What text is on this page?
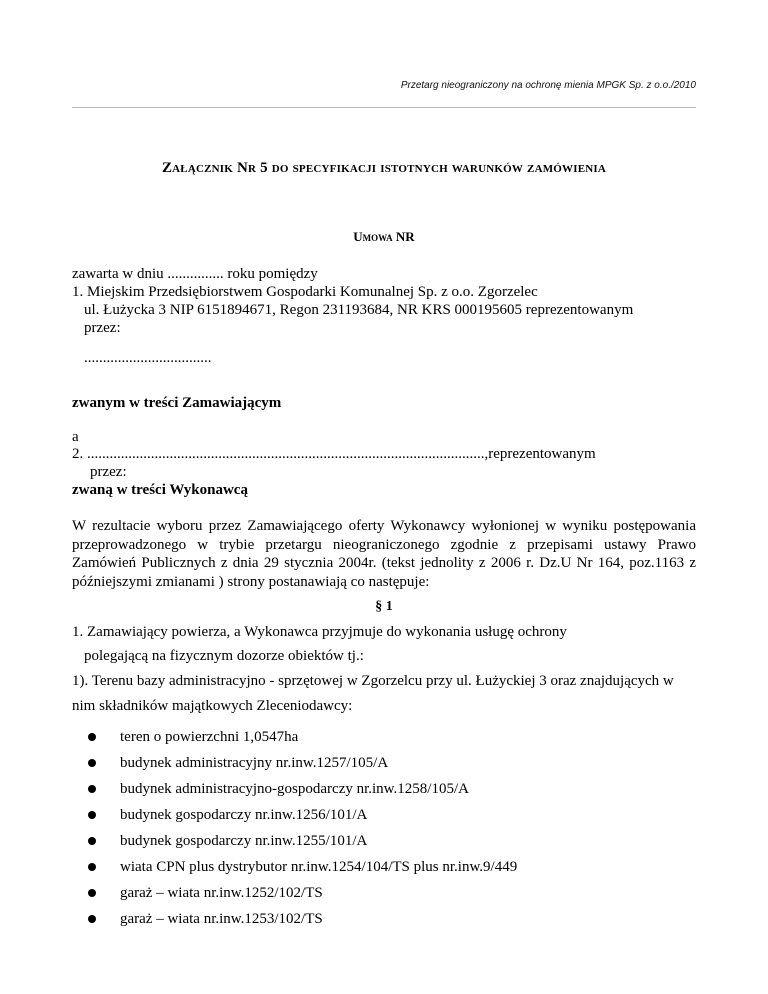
Przetarg nieograniczony na ochronę mienia MPGK Sp. z o.o./2010
Załącznik Nr 5 do specyfikacji istotnych warunków zamówienia
Umowa NR
zawarta w dniu ............... roku pomiędzy
1. Miejskim Przedsiębiorstwem Gospodarki Komunalnej Sp. z o.o. Zgorzelec
ul. Łużycka 3 NIP 6151894671, Regon 231193684, NR KRS 000195605 reprezentowanym
przez:
..................................
zwanym w treści Zamawiającym
a
2. ..........................................................................................................,reprezentowanym
przez:
zwaną w treści Wykonawcą
W rezultacie wyboru przez Zamawiającego oferty Wykonawcy wyłonionej w wyniku postępowania przeprowadzonego w trybie przetargu nieograniczonego zgodnie z przepisami ustawy Prawo Zamówień Publicznych z dnia 29 stycznia 2004r. (tekst jednolity z 2006 r. Dz.U Nr 164, poz.1163 z późniejszymi zmianami ) strony postanawiają co następuje:
§ 1
1. Zamawiający powierza, a Wykonawca przyjmuje do wykonania usługę ochrony
polegającą na fizycznym dozorze obiektów tj.:
1). Terenu bazy administracyjno - sprzętowej w Zgorzelcu przy ul. Łużyckiej 3 oraz znajdujących w
nim składników majątkowych Zleceniodawcy:
teren o powierzchni 1,0547ha
budynek administracyjny nr.inw.1257/105/A
budynek administracyjno-gospodarczy nr.inw.1258/105/A
budynek gospodarczy nr.inw.1256/101/A
budynek gospodarczy nr.inw.1255/101/A
wiata CPN plus dystrybutor nr.inw.1254/104/TS plus nr.inw.9/449
garaż – wiata nr.inw.1252/102/TS
garaż – wiata nr.inw.1253/102/TS
